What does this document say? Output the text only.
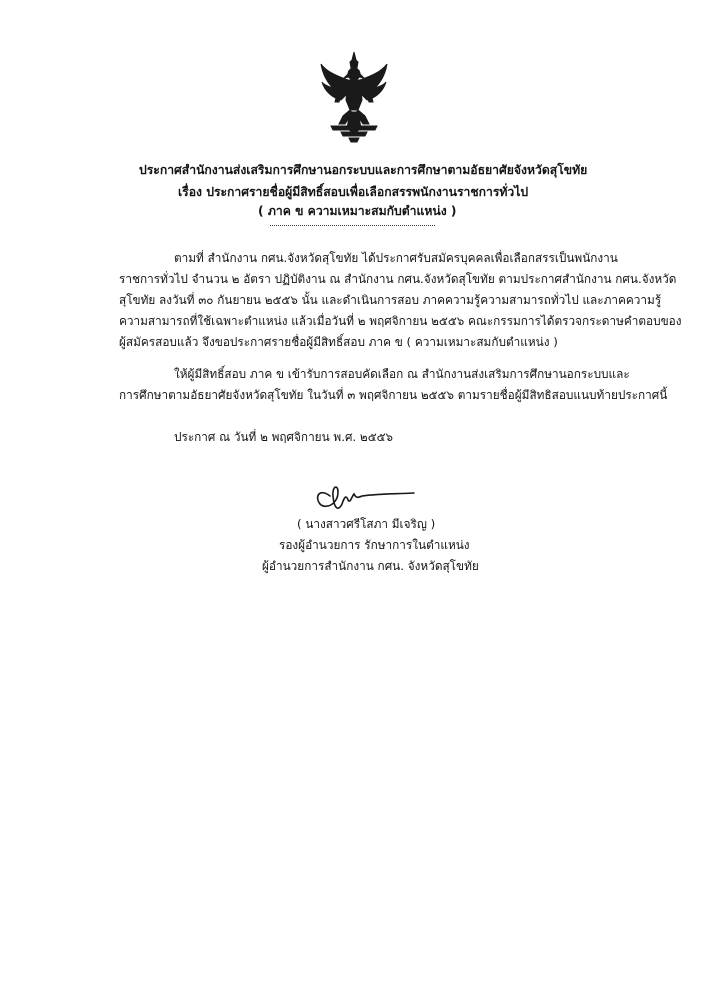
ประกาศสำนักงานส่งเสริมการศึกษานอกระบบและการศึกษาตามอัธยาศัยจังหวัดสุโขทัย
เรื่อง ประกาศรายชื่อผู้มีสิทธิ์สอบเพื่อเลือกสรรพนักงานราชการทั่วไป
( ภาค ข ความเหมาะสมกับตำแหน่ง )
ตามที่ สำนักงาน กศน.จังหวัดสุโขทัย ได้ประกาศรับสมัครบุคคลเพื่อเลือกสรรเป็นพนักงาน
ราชการทั่วไป จำนวน ๒ อัตรา ปฏิบัติงาน ณ สำนักงาน กศน.จังหวัดสุโขทัย ตามประกาศสำนักงาน กศน.จังหวัด
สุโขทัย ลงวันที่ ๓๐ กันยายน ๒๕๕๖ นั้น และดำเนินการสอบ ภาคความรู้ความสามารถทั่วไป และภาคความรู้
ความสามารถที่ใช้เฉพาะตำแหน่ง แล้วเมื่อวันที่ ๒ พฤศจิกายน ๒๕๕๖ คณะกรรมการได้ตรวจกระดาษคำตอบของ
ผู้สมัครสอบแล้ว จึงขอประกาศรายชื่อผู้มีสิทธิ์สอบ ภาค ข ( ความเหมาะสมกับตำแหน่ง )
ให้ผู้มีสิทธิ์สอบ ภาค ข เข้ารับการสอบคัดเลือก ณ สำนักงานส่งเสริมการศึกษานอกระบบและ
การศึกษาตามอัธยาศัยจังหวัดสุโขทัย ในวันที่ ๓ พฤศจิกายน ๒๕๕๖ ตามรายชื่อผู้มีสิทธิสอบแนบท้ายประกาศนี้
ประกาศ ณ วันที่ ๒ พฤศจิกายน พ.ศ. ๒๕๕๖
( นางสาวศรีโสภา มีเจริญ )
รองผู้อำนวยการ รักษาการในตำแหน่ง
ผู้อำนวยการสำนักงาน กศน. จังหวัดสุโขทัย
